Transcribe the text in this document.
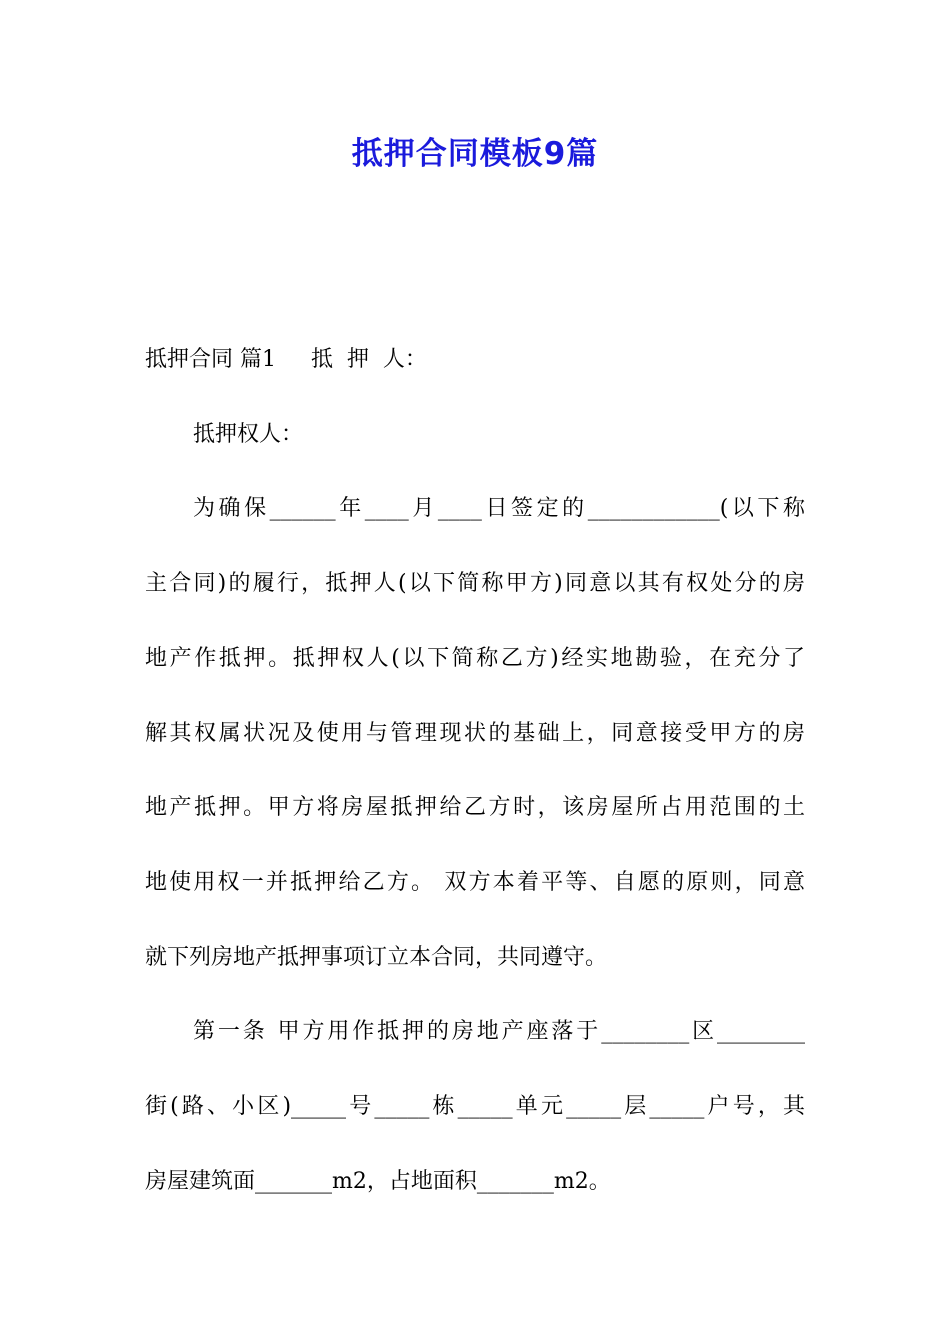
抵押合同模板9篇
抵押合同 篇1     抵  押  人：
抵押权人：
为确保______年____月____日签定的____________(以下称
主合同)的履行，抵押人(以下简称甲方)同意以其有权处分的房
地产作抵押。抵押权人(以下简称乙方)经实地勘验，在充分了
解其权属状况及使用与管理现状的基础上，同意接受甲方的房
地产抵押。甲方将房屋抵押给乙方时，该房屋所占用范围的土
地使用权一并抵押给乙方。 双方本着平等、自愿的原则，同意
就下列房地产抵押事项订立本合同，共同遵守。
第一条 甲方用作抵押的房地产座落于________区________
街(路、小区)_____号_____栋_____单元_____层_____户号，其
房屋建筑面_______m2，占地面积_______m2。
